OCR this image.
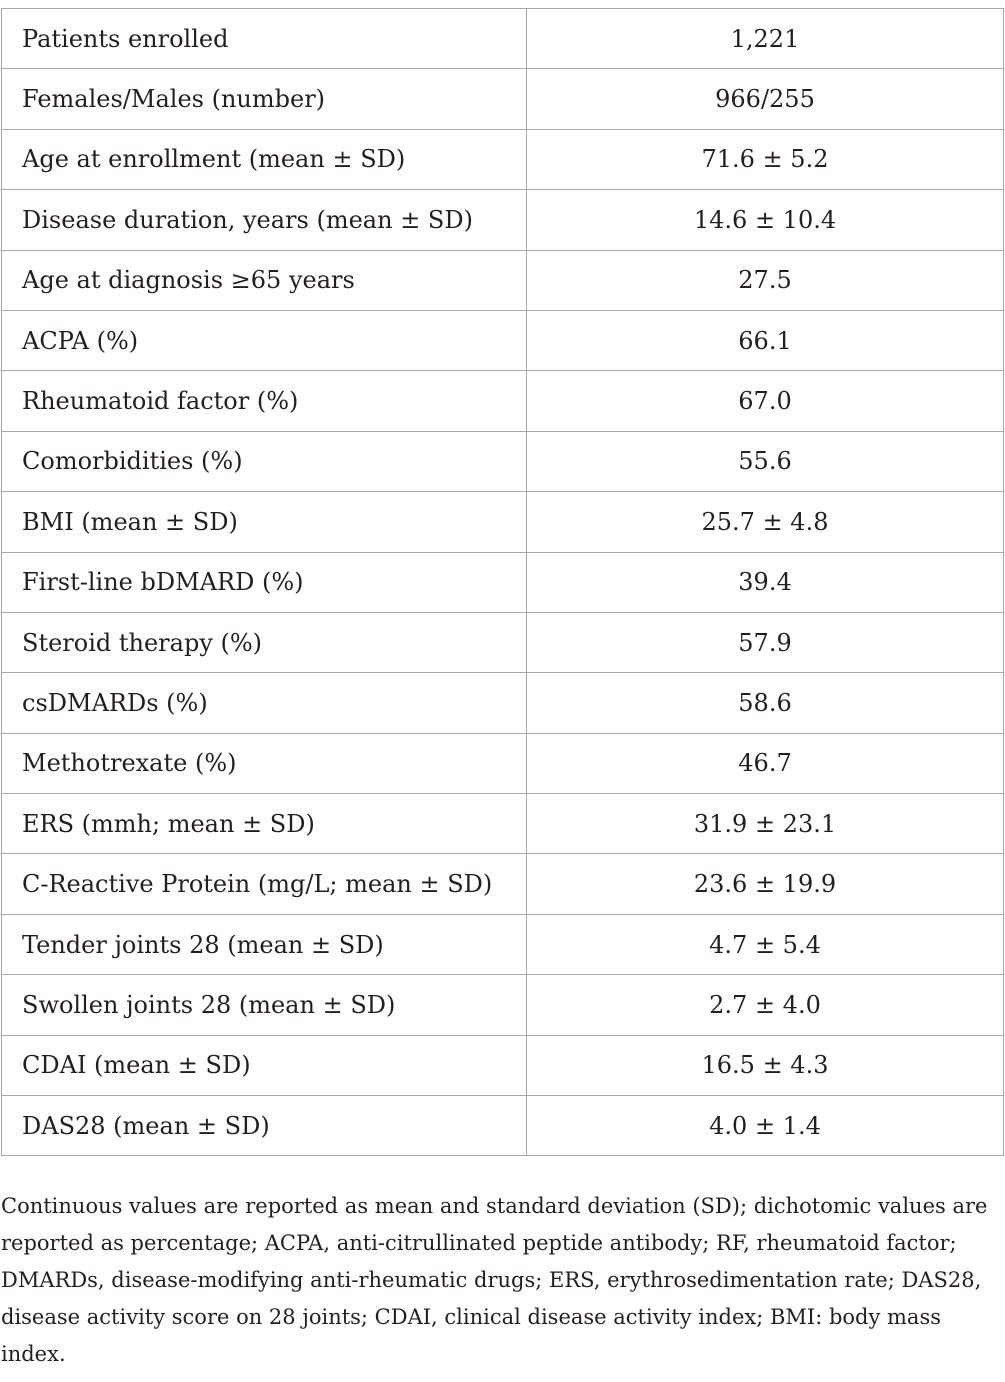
Patients enrolled	1,221
Females/Males (number)	966/255
Age at enrollment (mean ± SD)	71.6 ± 5.2
Disease duration, years (mean ± SD)	14.6 ± 10.4
Age at diagnosis ≥65 years	27.5
ACPA (%)	66.1
Rheumatoid factor (%)	67.0
Comorbidities (%)	55.6
BMI (mean ± SD)	25.7 ± 4.8
First-line bDMARD (%)	39.4
Steroid therapy (%)	57.9
csDMARDs (%)	58.6
Methotrexate (%)	46.7
ERS (mmh; mean ± SD)	31.9 ± 23.1
C-Reactive Protein (mg/L; mean ± SD)	23.6 ± 19.9
Tender joints 28 (mean ± SD)	4.7 ± 5.4
Swollen joints 28 (mean ± SD)	2.7 ± 4.0
CDAI (mean ± SD)	16.5 ± 4.3
DAS28 (mean ± SD)	4.0 ± 1.4

Continuous values are reported as mean and standard deviation (SD); dichotomic values are reported as percentage; ACPA, anti-citrullinated peptide antibody; RF, rheumatoid factor; DMARDs, disease-modifying anti-rheumatic drugs; ERS, erythrosedimentation rate; DAS28, disease activity score on 28 joints; CDAI, clinical disease activity index; BMI: body mass index.
